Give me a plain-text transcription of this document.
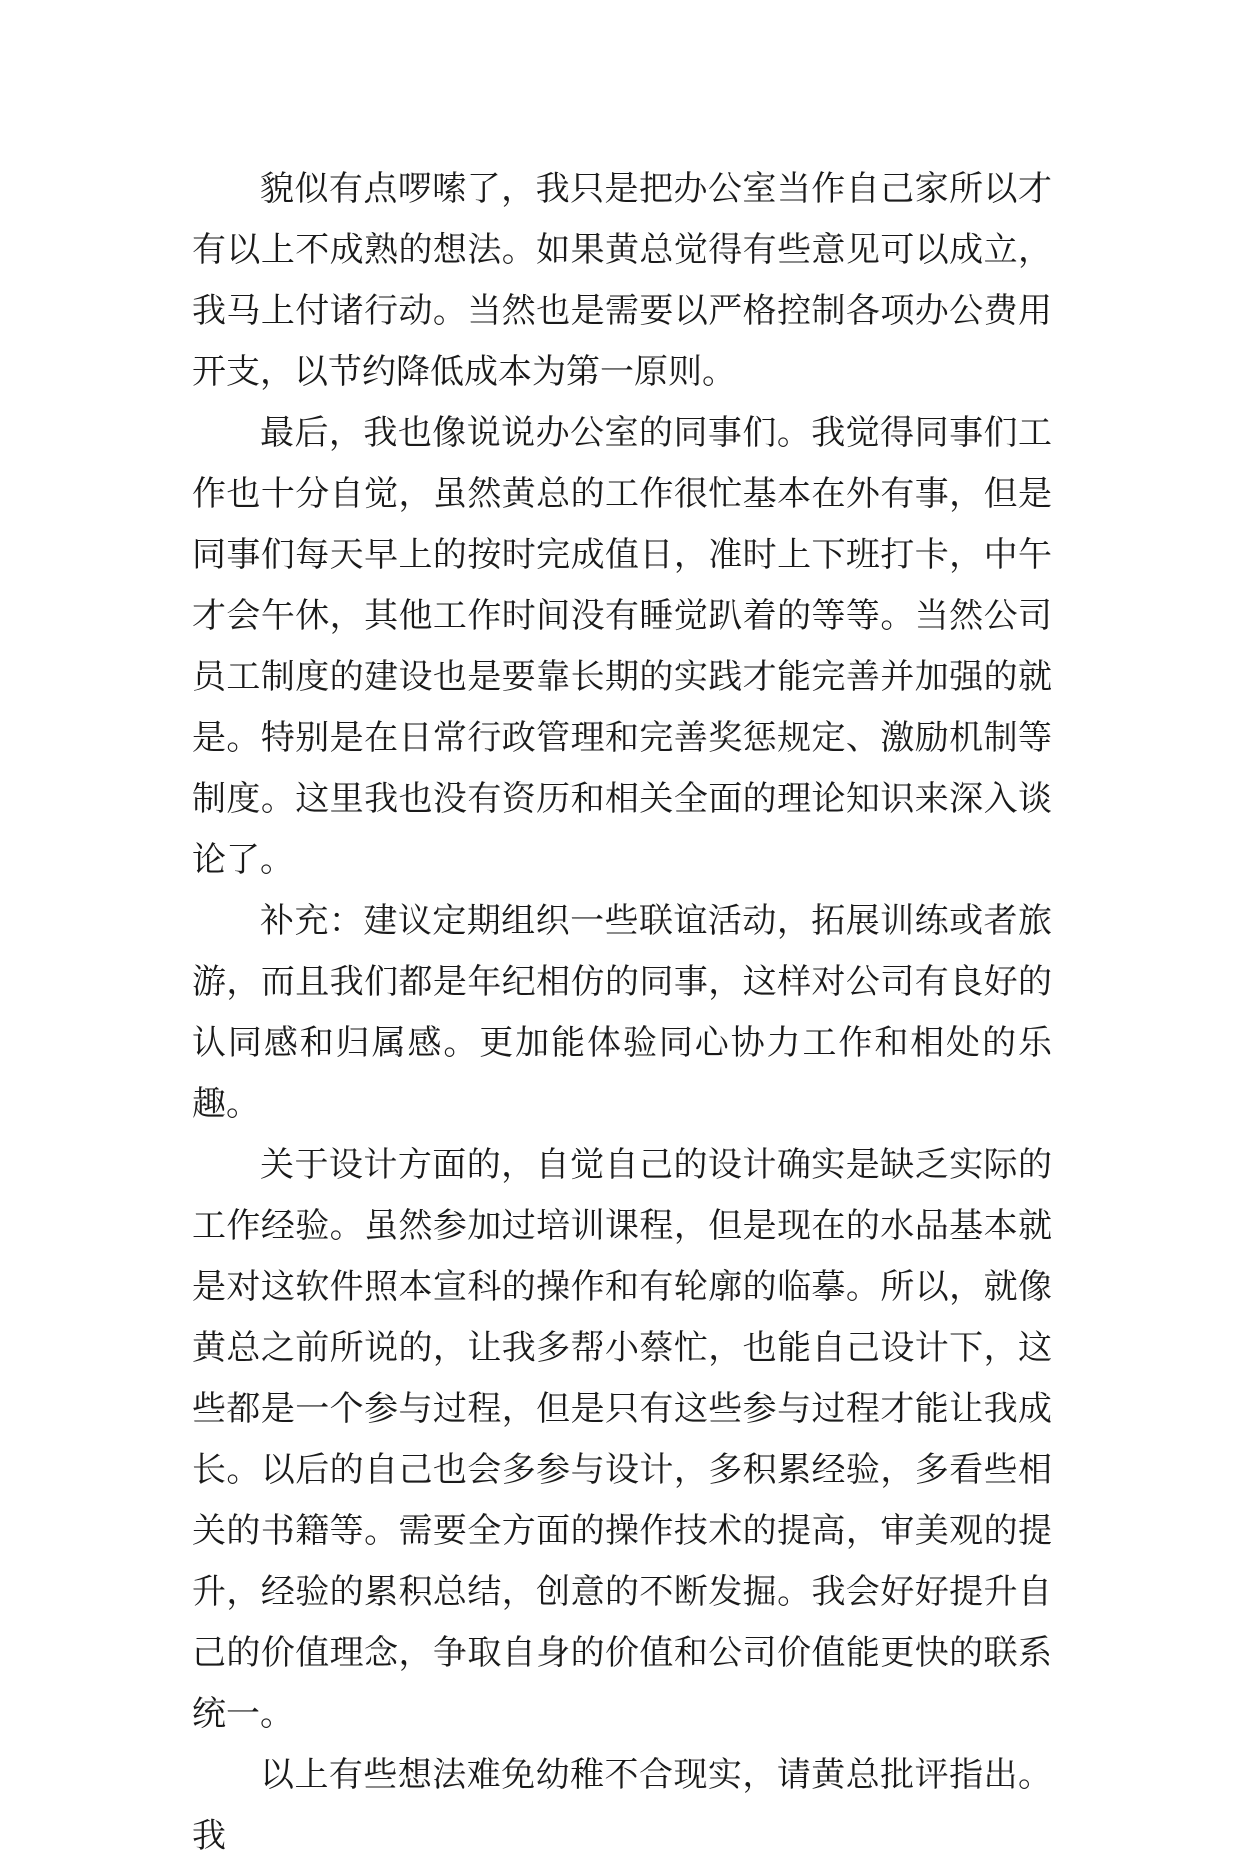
貌似有点啰嗦了，我只是把办公室当作自己家所以才有以上不成熟的想法。如果黄总觉得有些意见可以成立，我马上付诸行动。当然也是需要以严格控制各项办公费用开支，以节约降低成本为第一原则。

最后，我也像说说办公室的同事们。我觉得同事们工作也十分自觉，虽然黄总的工作很忙基本在外有事，但是同事们每天早上的按时完成值日，准时上下班打卡，中午才会午休，其他工作时间没有睡觉趴着的等等。当然公司员工制度的建设也是要靠长期的实践才能完善并加强的就是。特别是在日常行政管理和完善奖惩规定、激励机制等制度。这里我也没有资历和相关全面的理论知识来深入谈论了。

补充：建议定期组织一些联谊活动，拓展训练或者旅游，而且我们都是年纪相仿的同事，这样对公司有良好的认同感和归属感。更加能体验同心协力工作和相处的乐趣。

关于设计方面的，自觉自己的设计确实是缺乏实际的工作经验。虽然参加过培训课程，但是现在的水品基本就是对这软件照本宣科的操作和有轮廓的临摹。所以，就像黄总之前所说的，让我多帮小蔡忙，也能自己设计下，这些都是一个参与过程，但是只有这些参与过程才能让我成长。以后的自己也会多参与设计，多积累经验，多看些相关的书籍等。需要全方面的操作技术的提高，审美观的提升，经验的累积总结，创意的不断发掘。我会好好提升自己的价值理念，争取自身的价值和公司价值能更快的联系统一。

以上有些想法难免幼稚不合现实，请黄总批评指出。我
